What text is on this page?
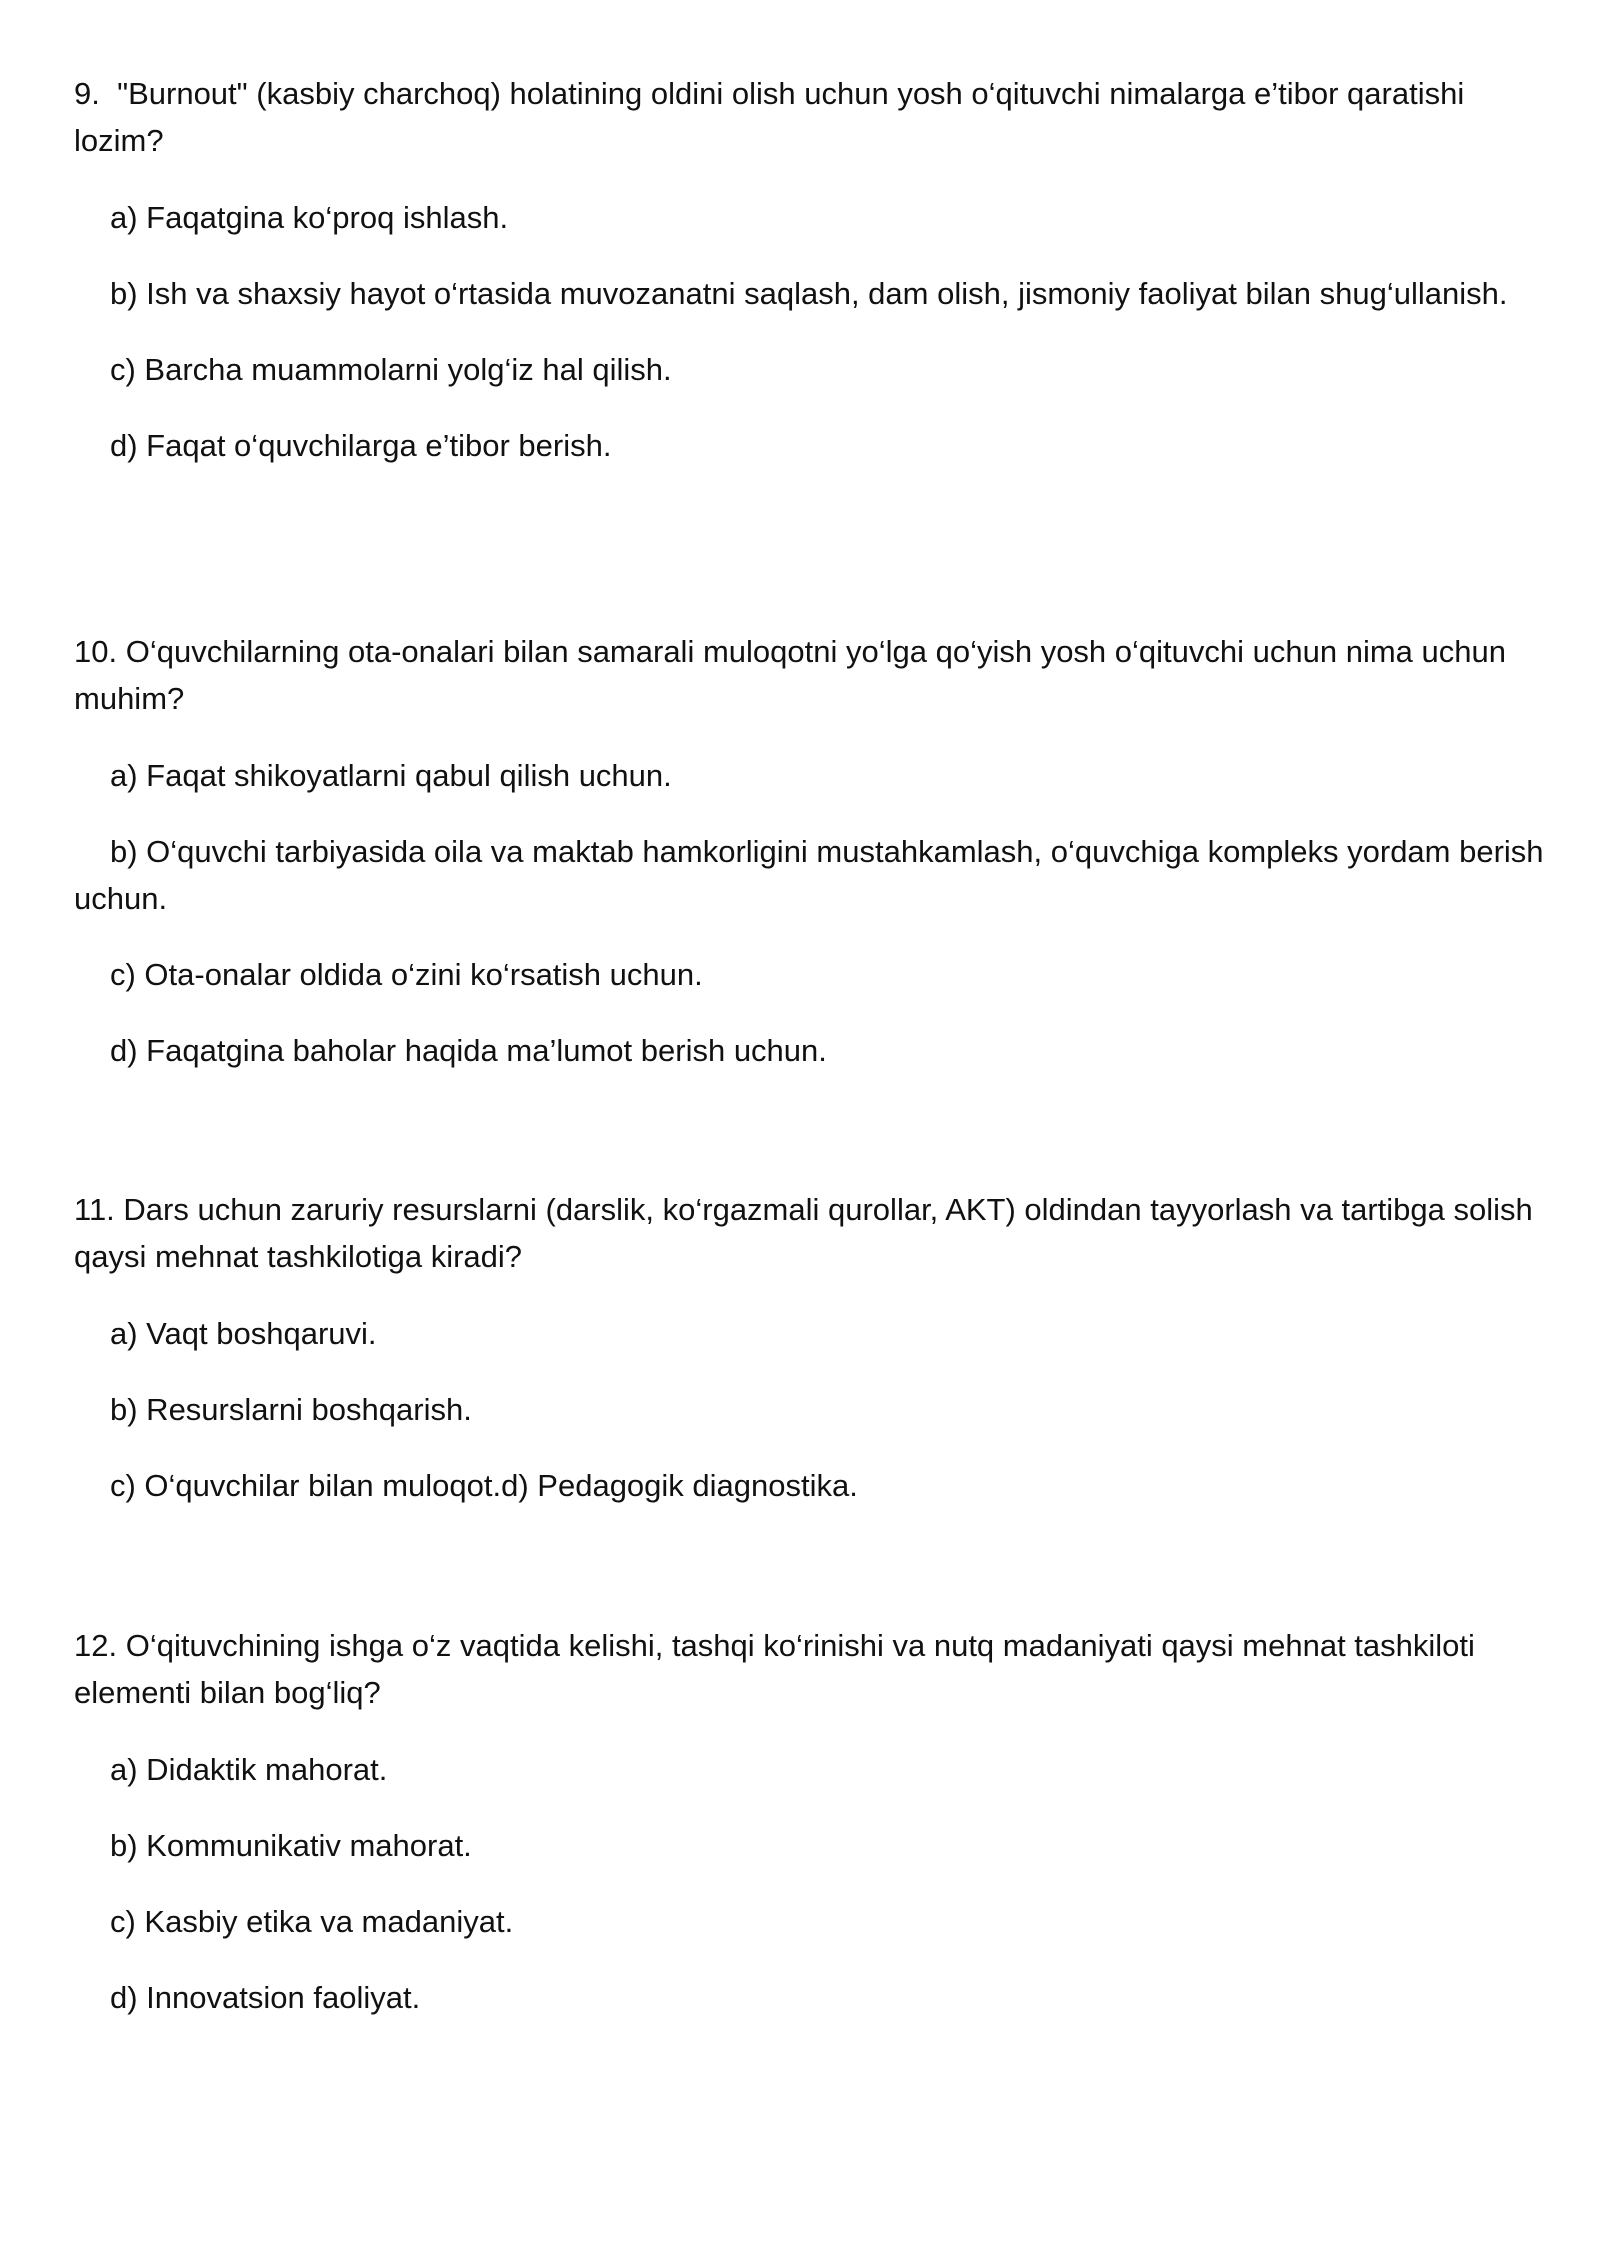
9.  "Burnout" (kasbiy charchoq) holatining oldini olish uchun yosh o‘qituvchi nimalarga e’tibor qaratishi lozim?

a) Faqatgina ko‘proq ishlash.

b) Ish va shaxsiy hayot o‘rtasida muvozanatni saqlash, dam olish, jismoniy faoliyat bilan shug‘ullanish.

c) Barcha muammolarni yolg‘iz hal qilish.

d) Faqat o‘quvchilarga e’tibor berish.

10. O‘quvchilarning ota-onalari bilan samarali muloqotni yo‘lga qo‘yish yosh o‘qituvchi uchun nima uchun muhim?

a) Faqat shikoyatlarni qabul qilish uchun.

b) O‘quvchi tarbiyasida oila va maktab hamkorligini mustahkamlash, o‘quvchiga kompleks yordam berish uchun.

c) Ota-onalar oldida o‘zini ko‘rsatish uchun.

d) Faqatgina baholar haqida ma’lumot berish uchun.

11. Dars uchun zaruriy resurslarni (darslik, ko‘rgazmali qurollar, AKT) oldindan tayyorlash va tartibga solish qaysi mehnat tashkilotiga kiradi?

a) Vaqt boshqaruvi.

b) Resurslarni boshqarish.

c) O‘quvchilar bilan muloqot.d) Pedagogik diagnostika.

12. O‘qituvchining ishga o‘z vaqtida kelishi, tashqi ko‘rinishi va nutq madaniyati qaysi mehnat tashkiloti elementi bilan bog‘liq?

a) Didaktik mahorat.

b) Kommunikativ mahorat.

c) Kasbiy etika va madaniyat.

d) Innovatsion faoliyat.
